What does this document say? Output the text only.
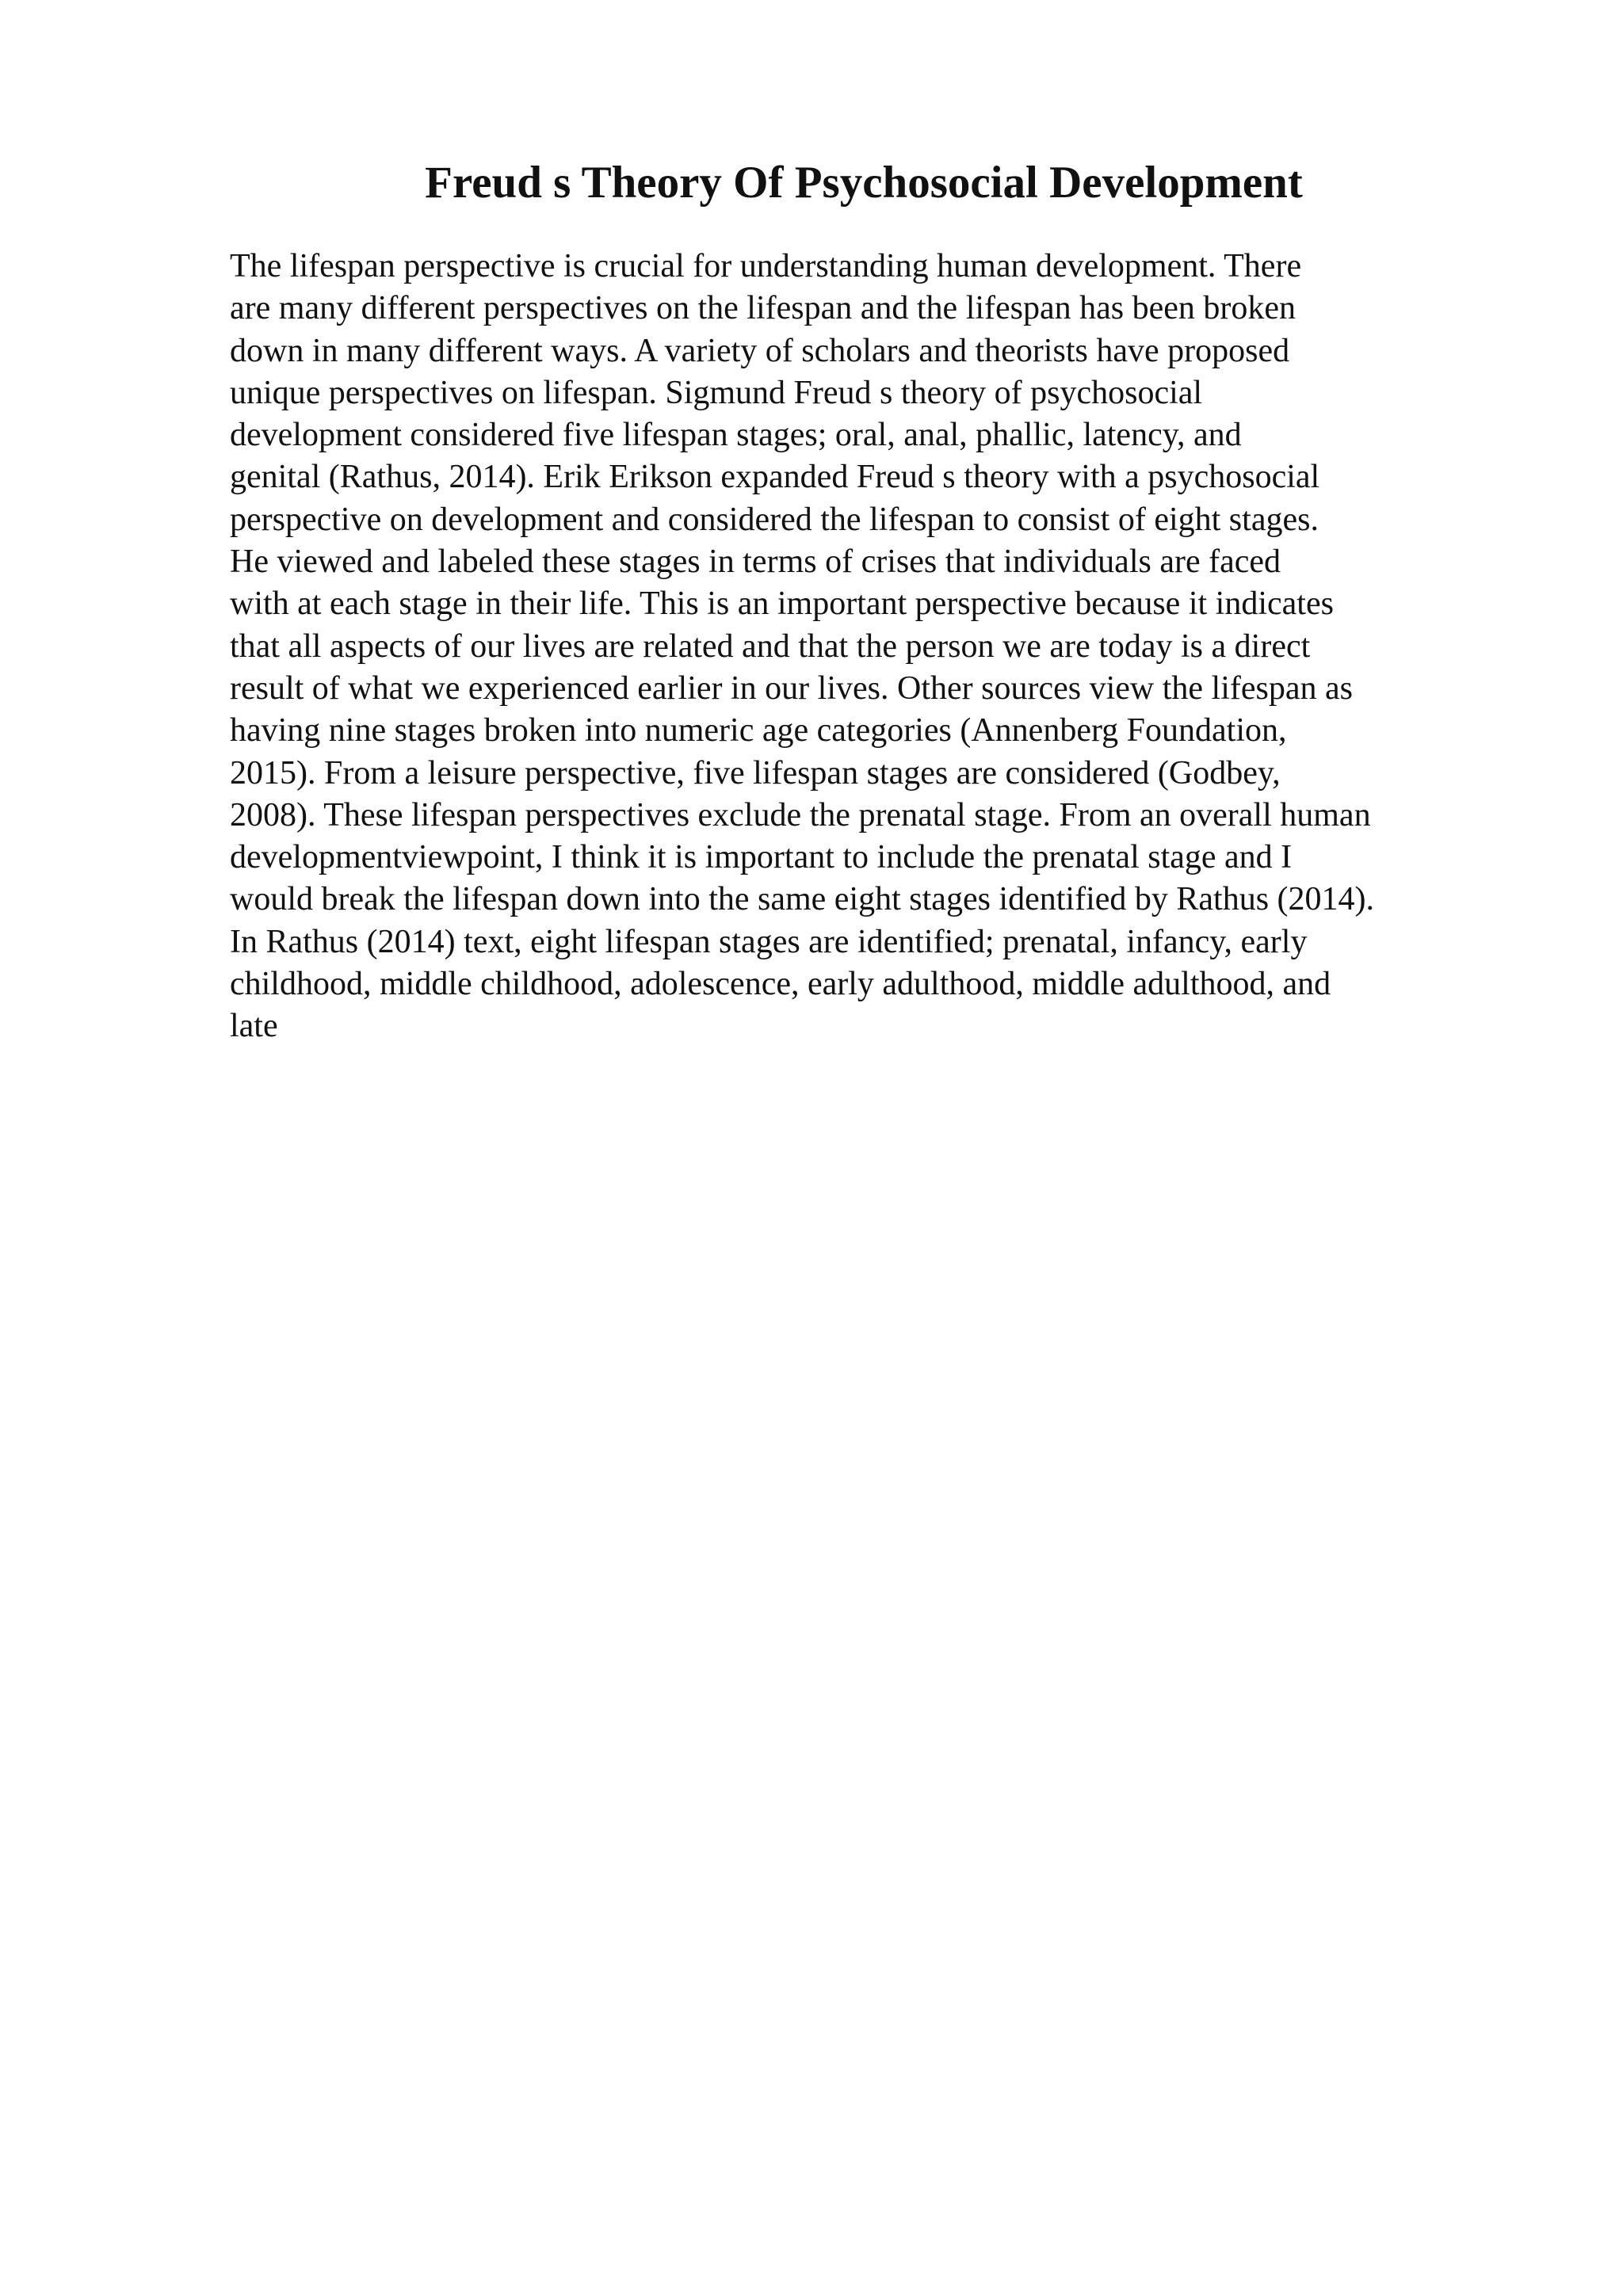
Freud s Theory Of Psychosocial Development
The lifespan perspective is crucial for understanding human development. There
are many different perspectives on the lifespan and the lifespan has been broken
down in many different ways. A variety of scholars and theorists have proposed
unique perspectives on lifespan. Sigmund Freud s theory of psychosocial
development considered five lifespan stages; oral, anal, phallic, latency, and
genital (Rathus, 2014). Erik Erikson expanded Freud s theory with a psychosocial
perspective on development and considered the lifespan to consist of eight stages.
He viewed and labeled these stages in terms of crises that individuals are faced
with at each stage in their life. This is an important perspective because it indicates
that all aspects of our lives are related and that the person we are today is a direct
result of what we experienced earlier in our lives. Other sources view the lifespan as
having nine stages broken into numeric age categories (Annenberg Foundation,
2015). From a leisure perspective, five lifespan stages are considered (Godbey,
2008). These lifespan perspectives exclude the prenatal stage. From an overall human
developmentviewpoint, I think it is important to include the prenatal stage and I
would break the lifespan down into the same eight stages identified by Rathus (2014).
In Rathus (2014) text, eight lifespan stages are identified; prenatal, infancy, early
childhood, middle childhood, adolescence, early adulthood, middle adulthood, and
late
